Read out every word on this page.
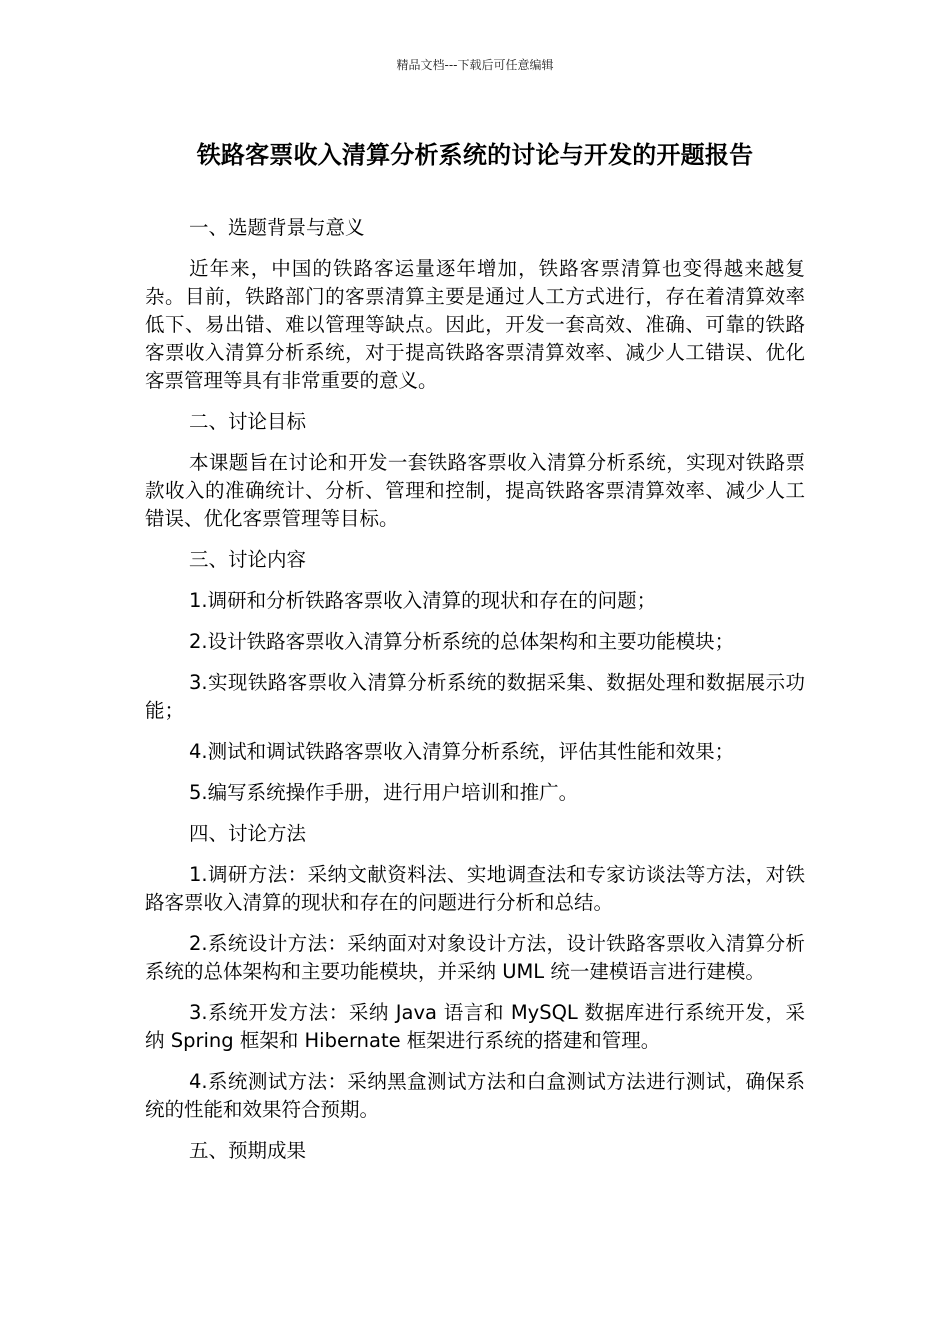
精品文档---下载后可任意编辑
铁路客票收入清算分析系统的讨论与开发的开题报告

一、选题背景与意义

近年来，中国的铁路客运量逐年增加，铁路客票清算也变得越来越复杂。目前，铁路部门的客票清算主要是通过人工方式进行，存在着清算效率低下、易出错、难以管理等缺点。因此，开发一套高效、准确、可靠的铁路客票收入清算分析系统，对于提高铁路客票清算效率、减少人工错误、优化客票管理等具有非常重要的意义。

二、讨论目标

本课题旨在讨论和开发一套铁路客票收入清算分析系统，实现对铁路票款收入的准确统计、分析、管理和控制，提高铁路客票清算效率、减少人工错误、优化客票管理等目标。

三、讨论内容

1.调研和分析铁路客票收入清算的现状和存在的问题；

2.设计铁路客票收入清算分析系统的总体架构和主要功能模块；

3.实现铁路客票收入清算分析系统的数据采集、数据处理和数据展示功能；

4.测试和调试铁路客票收入清算分析系统，评估其性能和效果；

5.编写系统操作手册，进行用户培训和推广。

四、讨论方法

1.调研方法：采纳文献资料法、实地调查法和专家访谈法等方法，对铁路客票收入清算的现状和存在的问题进行分析和总结。

2.系统设计方法：采纳面对对象设计方法，设计铁路客票收入清算分析系统的总体架构和主要功能模块，并采纳 UML 统一建模语言进行建模。

3.系统开发方法：采纳 Java 语言和 MySQL 数据库进行系统开发，采纳 Spring 框架和 Hibernate 框架进行系统的搭建和管理。

4.系统测试方法：采纳黑盒测试方法和白盒测试方法进行测试，确保系统的性能和效果符合预期。

五、预期成果
